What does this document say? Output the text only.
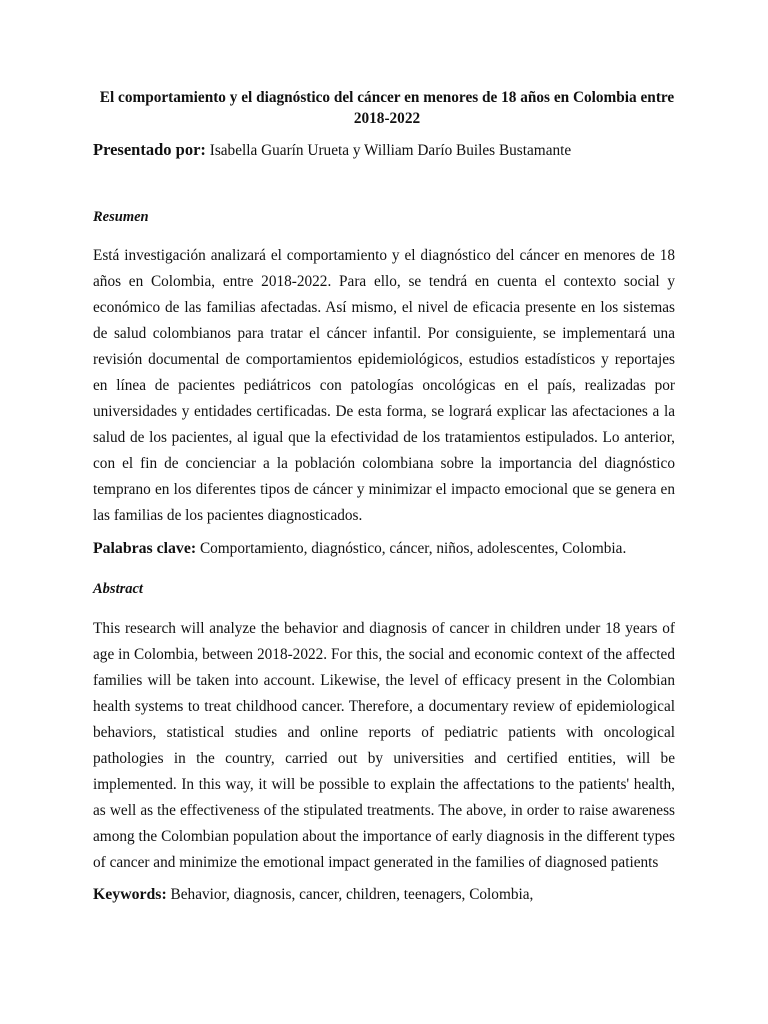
El comportamiento y el diagnóstico del cáncer en menores de 18 años en Colombia entre
2018-2022
Presentado por: Isabella Guarín Urueta y William Darío Builes Bustamante
Resumen
Está investigación analizará el comportamiento y el diagnóstico del cáncer en menores de 18
años en Colombia, entre 2018-2022. Para ello, se tendrá en cuenta el contexto social y
económico de las familias afectadas. Así mismo, el nivel de eficacia presente en los sistemas
de salud colombianos para tratar el cáncer infantil. Por consiguiente, se implementará una
revisión documental de comportamientos epidemiológicos, estudios estadísticos y reportajes
en línea de pacientes pediátricos con patologías oncológicas en el país, realizadas por
universidades y entidades certificadas. De esta forma, se logrará explicar las afectaciones a la
salud de los pacientes, al igual que la efectividad de los tratamientos estipulados. Lo anterior,
con el fin de concienciar a la población colombiana sobre la importancia del diagnóstico
temprano en los diferentes tipos de cáncer y minimizar el impacto emocional que se genera en
las familias de los pacientes diagnosticados.
Palabras clave: Comportamiento, diagnóstico, cáncer, niños, adolescentes, Colombia.
Abstract
This research will analyze the behavior and diagnosis of cancer in children under 18 years of
age in Colombia, between 2018-2022. For this, the social and economic context of the affected
families will be taken into account. Likewise, the level of efficacy present in the Colombian
health systems to treat childhood cancer. Therefore, a documentary review of epidemiological
behaviors, statistical studies and online reports of pediatric patients with oncological
pathologies in the country, carried out by universities and certified entities, will be
implemented. In this way, it will be possible to explain the affectations to the patients' health,
as well as the effectiveness of the stipulated treatments. The above, in order to raise awareness
among the Colombian population about the importance of early diagnosis in the different types
of cancer and minimize the emotional impact generated in the families of diagnosed patients
Keywords: Behavior, diagnosis, cancer, children, teenagers, Colombia,
